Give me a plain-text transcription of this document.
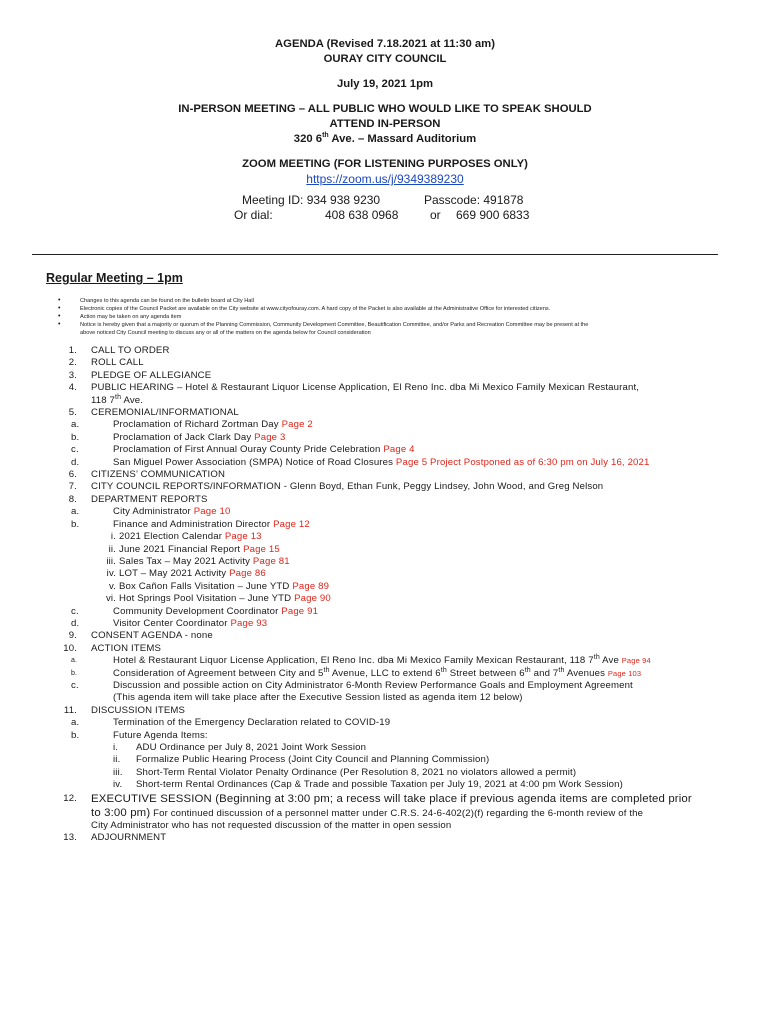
AGENDA (Revised 7.18.2021 at 11:30 am)
OURAY CITY COUNCIL
July 19, 2021 1pm
IN-PERSON MEETING – ALL PUBLIC WHO WOULD LIKE TO SPEAK SHOULD
ATTEND IN-PERSON
320 6th Ave. – Massard Auditorium
ZOOM MEETING (FOR LISTENING PURPOSES ONLY)
https://zoom.us/j/9349389230
Meeting ID: 934 938 9230	Passcode: 491878
Or dial:	408 638 0968	or 669 900 6833
Regular Meeting – 1pm
•	Changes to this agenda can be found on the bulletin board at City Hall
•	Electronic copies of the Council Packet are available on the City website at www.cityofouray.com. A hard copy of the Packet is also available at the Administrative Office for interested citizens.
•	Action may be taken on any agenda item
•	Notice is hereby given that a majority or quorum of the Planning Commission, Community Development Committee, Beautification Committee, and/or Parks and Recreation Committee may be present at the
above noticed City Council meeting to discuss any or all of the matters on the agenda below for Council consideration
1. CALL TO ORDER
2. ROLL CALL
3. PLEDGE OF ALLEGIANCE
4. PUBLIC HEARING – Hotel & Restaurant Liquor License Application, El Reno Inc. dba Mi Mexico Family Mexican Restaurant,
118 7th Ave.
5. CEREMONIAL/INFORMATIONAL
a.	Proclamation of Richard Zortman Day Page 2
b.	Proclamation of Jack Clark Day Page 3
c.	Proclamation of First Annual Ouray County Pride Celebration Page 4
d.	San Miguel Power Association (SMPA) Notice of Road Closures Page 5 Project Postponed as of 6:30 pm on July 16, 2021
6. CITIZENS’ COMMUNICATION
7. CITY COUNCIL REPORTS/INFORMATION - Glenn Boyd, Ethan Funk, Peggy Lindsey, John Wood, and Greg Nelson
8. DEPARTMENT REPORTS
a.	City Administrator Page 10
b.	Finance and Administration Director Page 12
i. 2021 Election Calendar Page 13
ii. June 2021 Financial Report Page 15
iii. Sales Tax – May 2021 Activity Page 81
iv. LOT – May 2021 Activity Page 86
v. Box Cañon Falls Visitation – June YTD Page 89
vi. Hot Springs Pool Visitation – June YTD Page 90
c.	Community Development Coordinator Page 91
d.	Visitor Center Coordinator Page 93
9. CONSENT AGENDA - none
10. ACTION ITEMS
a.	Hotel & Restaurant Liquor License Application, El Reno Inc. dba Mi Mexico Family Mexican Restaurant, 118 7th Ave Page 94
b.	Consideration of Agreement between City and 5th Avenue, LLC to extend 6th Street between 6th and 7th Avenues Page 103
c.	Discussion and possible action on City Administrator 6-Month Review Performance Goals and Employment Agreement
(This agenda item will take place after the Executive Session listed as agenda item 12 below)
11. DISCUSSION ITEMS
a.	Termination of the Emergency Declaration related to COVID-19
b.	Future Agenda Items:
i.	ADU Ordinance per July 8, 2021 Joint Work Session
ii.	Formalize Public Hearing Process (Joint City Council and Planning Commission)
iii.	Short-Term Rental Violator Penalty Ordinance (Per Resolution 8, 2021 no violators allowed a permit)
iv.	Short-term Rental Ordinances (Cap & Trade and possible Taxation per July 19, 2021 at 4:00 pm Work Session)
12. EXECUTIVE SESSION (Beginning at 3:00 pm; a recess will take place if previous agenda items are completed prior
to 3:00 pm) For continued discussion of a personnel matter under C.R.S. 24-6-402(2)(f) regarding the 6-month review of the
City Administrator who has not requested discussion of the matter in open session
13. ADJOURNMENT
